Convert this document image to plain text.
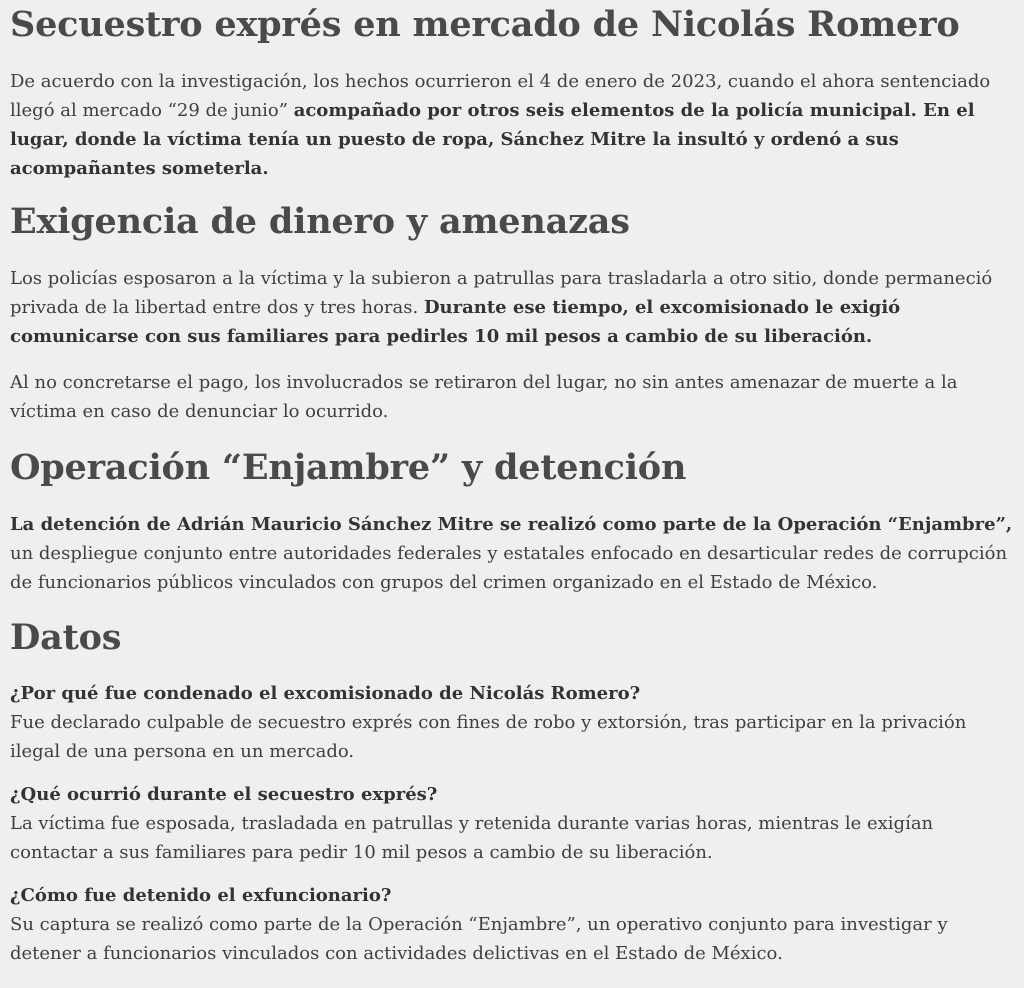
Secuestro exprés en mercado de Nicolás Romero

De acuerdo con la investigación, los hechos ocurrieron el 4 de enero de 2023, cuando el ahora sentenciado llegó al mercado “29 de junio” acompañado por otros seis elementos de la policía municipal. En el lugar, donde la víctima tenía un puesto de ropa, Sánchez Mitre la insultó y ordenó a sus acompañantes someterla.

Exigencia de dinero y amenazas

Los policías esposaron a la víctima y la subieron a patrullas para trasladarla a otro sitio, donde permaneció privada de la libertad entre dos y tres horas. Durante ese tiempo, el excomisionado le exigió comunicarse con sus familiares para pedirles 10 mil pesos a cambio de su liberación.

Al no concretarse el pago, los involucrados se retiraron del lugar, no sin antes amenazar de muerte a la víctima en caso de denunciar lo ocurrido.

Operación “Enjambre” y detención

La detención de Adrián Mauricio Sánchez Mitre se realizó como parte de la Operación “Enjambre”, un despliegue conjunto entre autoridades federales y estatales enfocado en desarticular redes de corrupción de funcionarios públicos vinculados con grupos del crimen organizado en el Estado de México.

Datos

¿Por qué fue condenado el excomisionado de Nicolás Romero?
Fue declarado culpable de secuestro exprés con fines de robo y extorsión, tras participar en la privación ilegal de una persona en un mercado.

¿Qué ocurrió durante el secuestro exprés?
La víctima fue esposada, trasladada en patrullas y retenida durante varias horas, mientras le exigían contactar a sus familiares para pedir 10 mil pesos a cambio de su liberación.

¿Cómo fue detenido el exfuncionario?
Su captura se realizó como parte de la Operación “Enjambre”, un operativo conjunto para investigar y detener a funcionarios vinculados con actividades delictivas en el Estado de México.
